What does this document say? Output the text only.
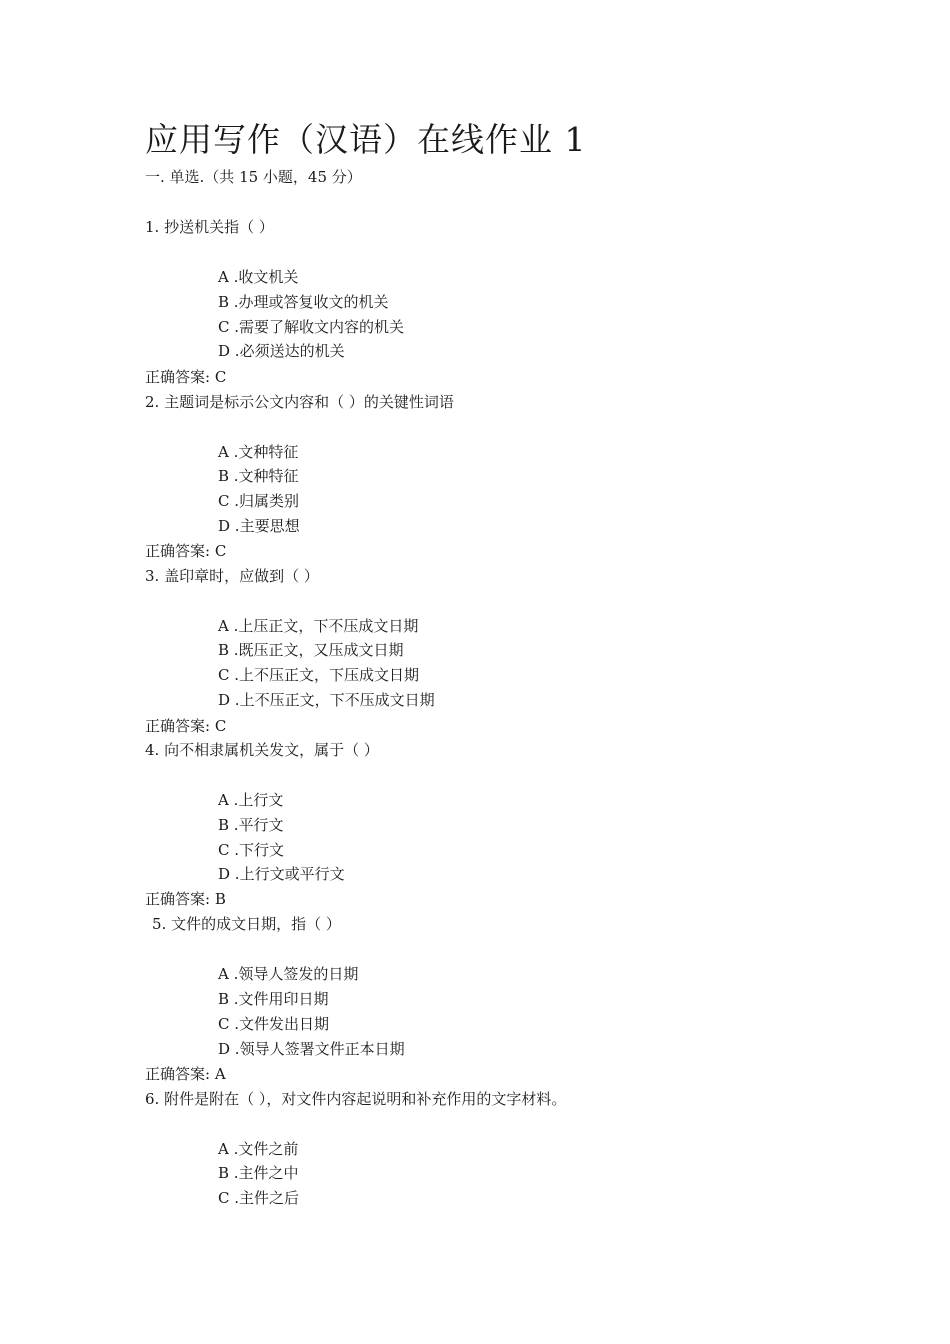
应用写作（汉语）在线作业 1
一. 单选.（共 15 小题，45 分）
1. 抄送机关指（ ）
A .收文机关
B .办理或答复收文的机关
C .需要了解收文内容的机关
D .必须送达的机关
正确答案: C
2. 主题词是标示公文内容和（ ）的关键性词语
A .文种特征
B .文种特征
C .归属类别
D .主要思想
正确答案: C
3. 盖印章时，应做到（ ）
A .上压正文，下不压成文日期
B .既压正文，又压成文日期
C .上不压正文，下压成文日期
D .上不压正文，下不压成文日期
正确答案: C
4. 向不相隶属机关发文，属于（ ）
A .上行文
B .平行文
C .下行文
D .上行文或平行文
正确答案: B
5. 文件的成文日期，指（ ）
A .领导人签发的日期
B .文件用印日期
C .文件发出日期
D .领导人签署文件正本日期
正确答案: A
6. 附件是附在（ ），对文件内容起说明和补充作用的文字材料。
A .文件之前
B .主件之中
C .主件之后
